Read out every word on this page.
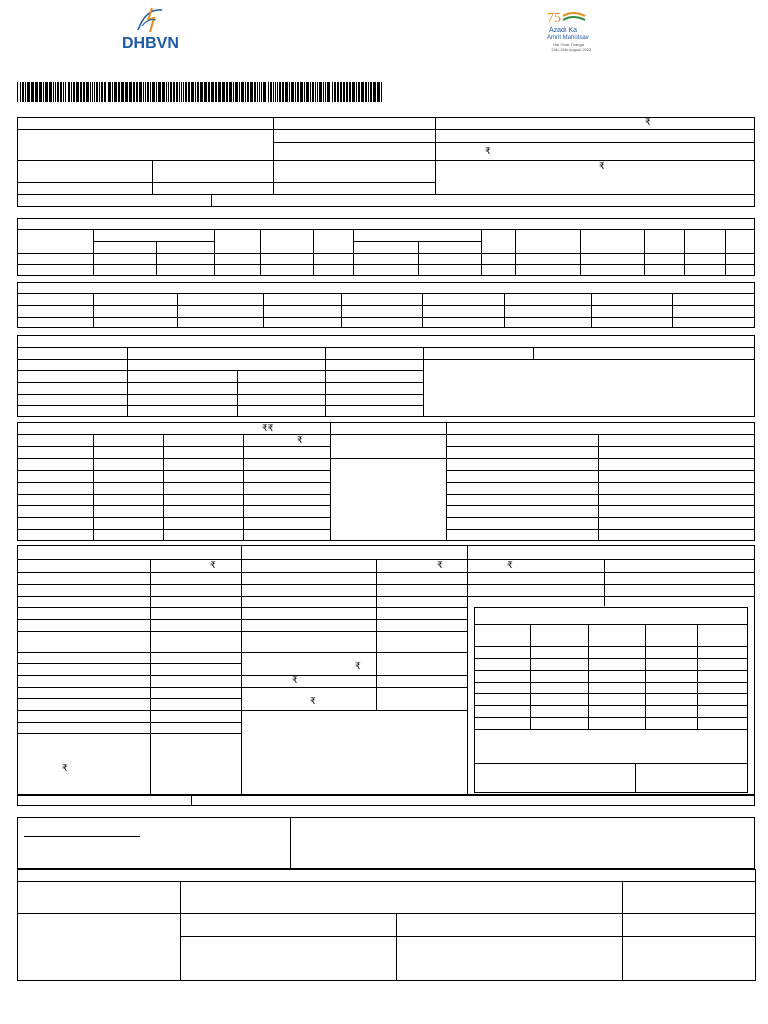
DHBVN
75
Azadi Ka
Amrit Mahotsav
Har Ghar Tiranga
13th-15th August 2022
₹
₹
₹
₹₹
₹
₹
₹	₹
₹
₹
₹
₹
